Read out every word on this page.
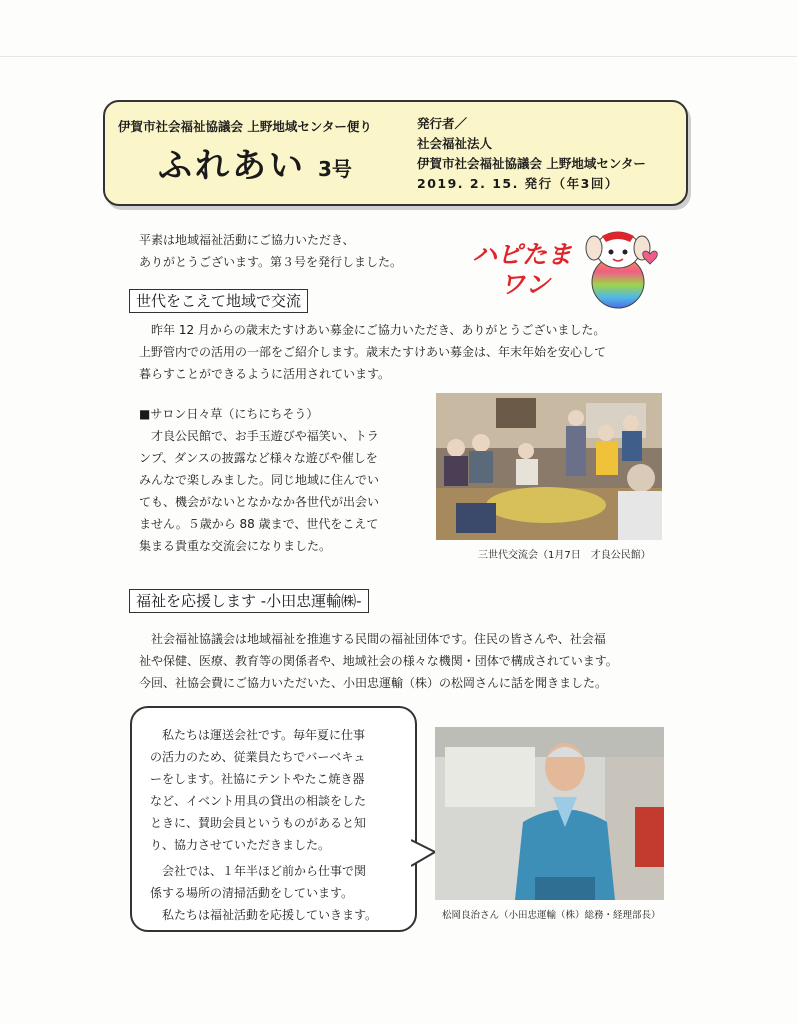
伊賀市社会福祉協議会 上野地域センター便り
ふれあい 3号
発行者／
社会福祉法人
伊賀市社会福祉協議会 上野地域センター
2019. 2. 15. 発行（年3回）
平素は地域福祉活動にご協力いただき、
ありがとうございます。第３号を発行しました。	ハピたま
ワン
世代をこえて地域で交流
昨年 12 月からの歳末たすけあい募金にご協力いただき、ありがとうございました。
上野管内での活用の一部をご紹介します。歳末たすけあい募金は、年末年始を安心して
暮らすことができるように活用されています。
■サロン日々草（にちにちそう）
才良公民館で、お手玉遊びや福笑い、トラ
ンプ、ダンスの披露など様々な遊びや催しを
みんなで楽しみました。同じ地域に住んでい
ても、機会がないとなかなか各世代が出会い
ません。５歳から 88 歳まで、世代をこえて
集まる貴重な交流会になりました。
三世代交流会（1月7日　才良公民館）
福祉を応援します -小田忠運輸㈱-
社会福祉協議会は地域福祉を推進する民間の福祉団体です。住民の皆さんや、社会福
祉や保健、医療、教育等の関係者や、地域社会の様々な機関・団体で構成されています。
今回、社協会費にご協力いただいた、小田忠運輸（株）の松岡さんに話を聞きました。
私たちは運送会社です。毎年夏に仕事
の活力のため、従業員たちでバーベキュ
ーをします。社協にテントやたこ焼き器
など、イベント用具の貸出の相談をした
ときに、賛助会員というものがあると知
り、協力させていただきました。
会社では、１年半ほど前から仕事で関
係する場所の清掃活動をしています。
私たちは福祉活動を応援していきます。	松岡良治さん（小田忠運輸（株）総務・経理部長）
